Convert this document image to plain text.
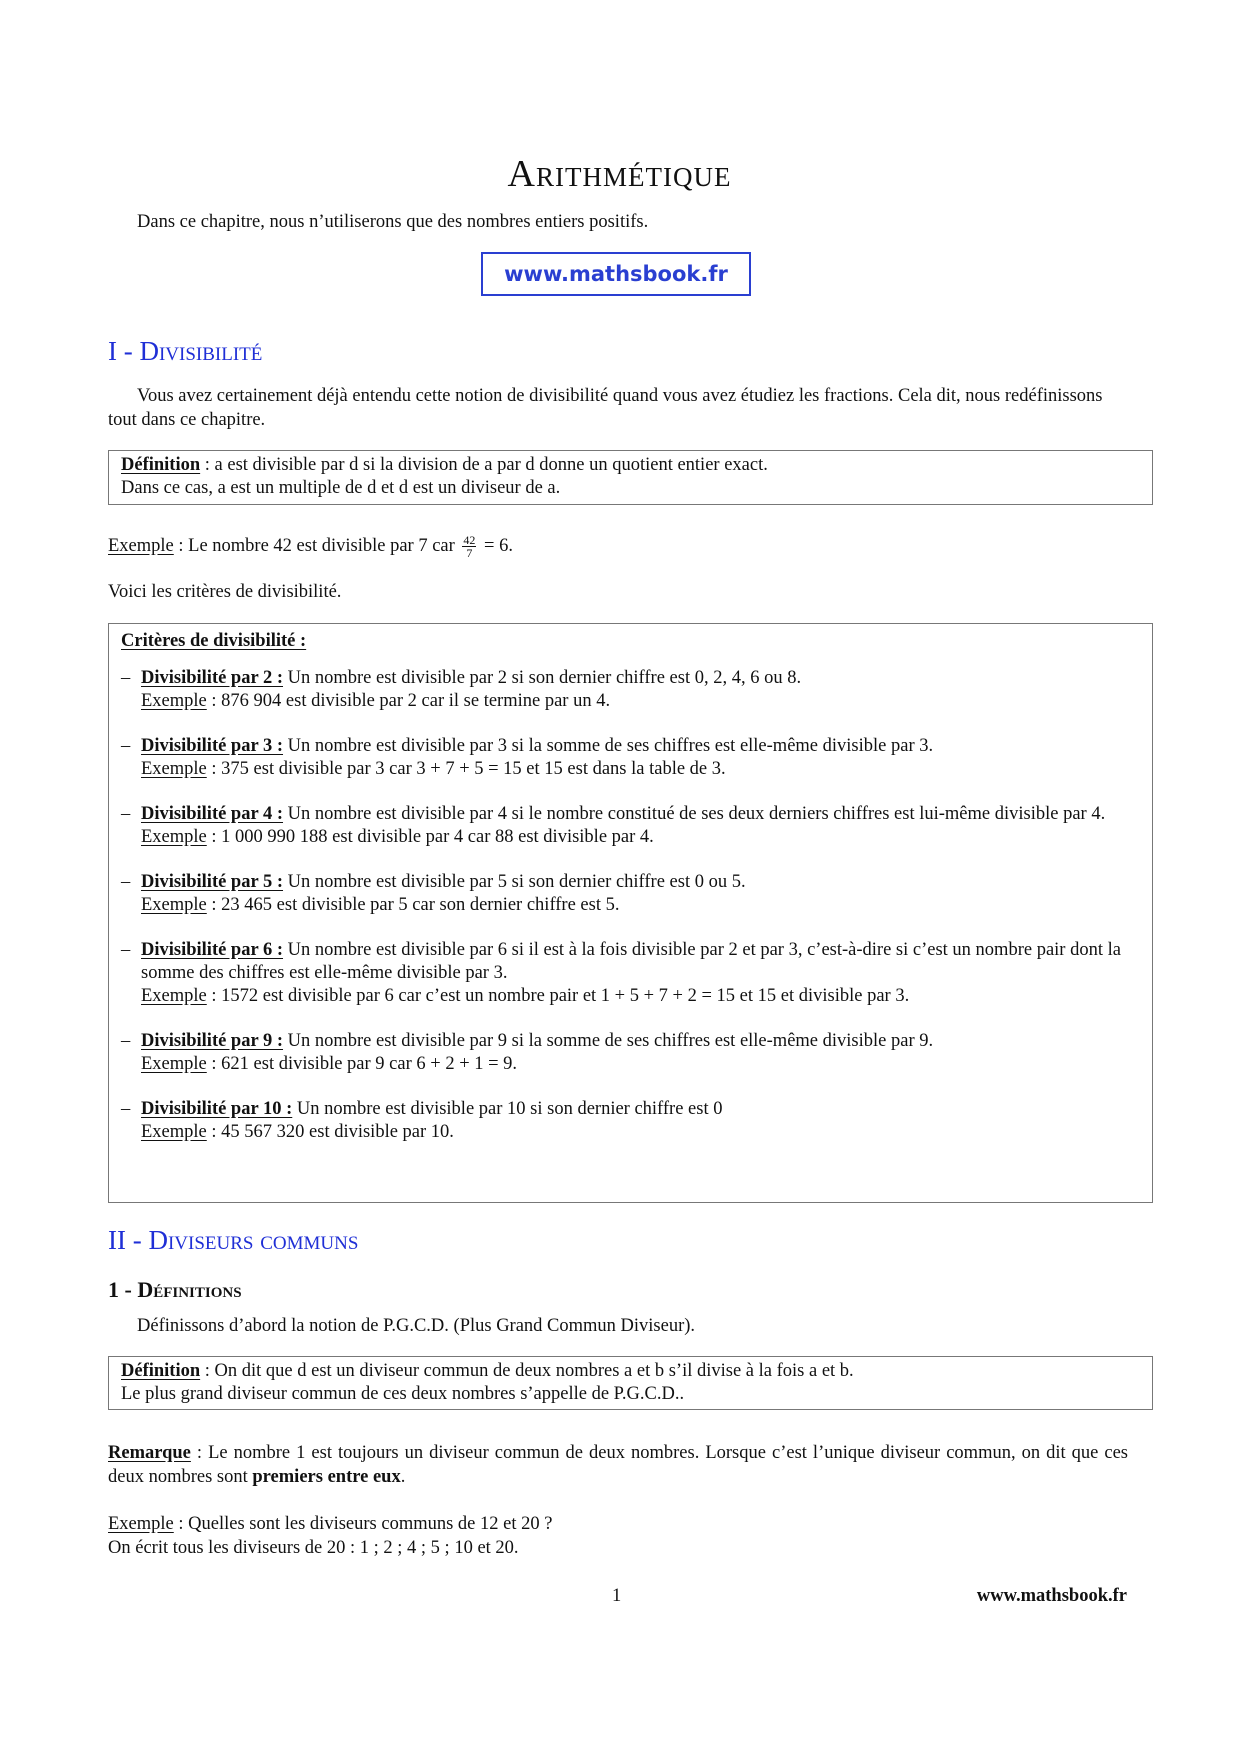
Arithmétique
Dans ce chapitre, nous n’utiliserons que des nombres entiers positifs.
www.mathsbook.fr
I - Divisibilité
Vous avez certainement déjà entendu cette notion de divisibilité quand vous avez étudiez les fractions. Cela dit, nous redéfinissons tout dans ce chapitre.
Définition : a est divisible par d si la division de a par d donne un quotient entier exact.
Dans ce cas, a est un multiple de d et d est un diviseur de a.
Exemple : Le nombre 42 est divisible par 7 car $\frac{42}{7} = 6$.
Voici les critères de divisibilité.
Critères de divisibilité :
– Divisibilité par 2 : Un nombre est divisible par 2 si son dernier chiffre est 0, 2, 4, 6 ou 8.
Exemple : 876 904 est divisible par 2 car il se termine par un 4.
– Divisibilité par 3 : Un nombre est divisible par 3 si la somme de ses chiffres est elle-même divisible par 3.
Exemple : 375 est divisible par 3 car 3 + 7 + 5 = 15 et 15 est dans la table de 3.
– Divisibilité par 4 : Un nombre est divisible par 4 si le nombre constitué de ses deux derniers chiffres est lui-même divisible par 4.
Exemple : 1 000 990 188 est divisible par 4 car 88 est divisible par 4.
– Divisibilité par 5 : Un nombre est divisible par 5 si son dernier chiffre est 0 ou 5.
Exemple : 23 465 est divisible par 5 car son dernier chiffre est 5.
– Divisibilité par 6 : Un nombre est divisible par 6 si il est à la fois divisible par 2 et par 3, c’est-à-dire si c’est un nombre pair dont la somme des chiffres est elle-même divisible par 3.
Exemple : 1572 est divisible par 6 car c’est un nombre pair et 1 + 5 + 7 + 2 = 15 et 15 et divisible par 3.
– Divisibilité par 9 : Un nombre est divisible par 9 si la somme de ses chiffres est elle-même divisible par 9.
Exemple : 621 est divisible par 9 car 6 + 2 + 1 = 9.
– Divisibilité par 10 : Un nombre est divisible par 10 si son dernier chiffre est 0
Exemple : 45 567 320 est divisible par 10.
II - Diviseurs communs
1 - Définitions
Définissons d’abord la notion de P.G.C.D. (Plus Grand Commun Diviseur).
Définition : On dit que d est un diviseur commun de deux nombres a et b s’il divise à la fois a et b.
Le plus grand diviseur commun de ces deux nombres s’appelle de P.G.C.D..
Remarque : Le nombre 1 est toujours un diviseur commun de deux nombres. Lorsque c’est l’unique diviseur commun, on dit que ces deux nombres sont premiers entre eux.
Exemple : Quelles sont les diviseurs communs de 12 et 20 ?
On écrit tous les diviseurs de 20 : 1 ; 2 ; 4 ; 5 ; 10 et 20.
1	www.mathsbook.fr
